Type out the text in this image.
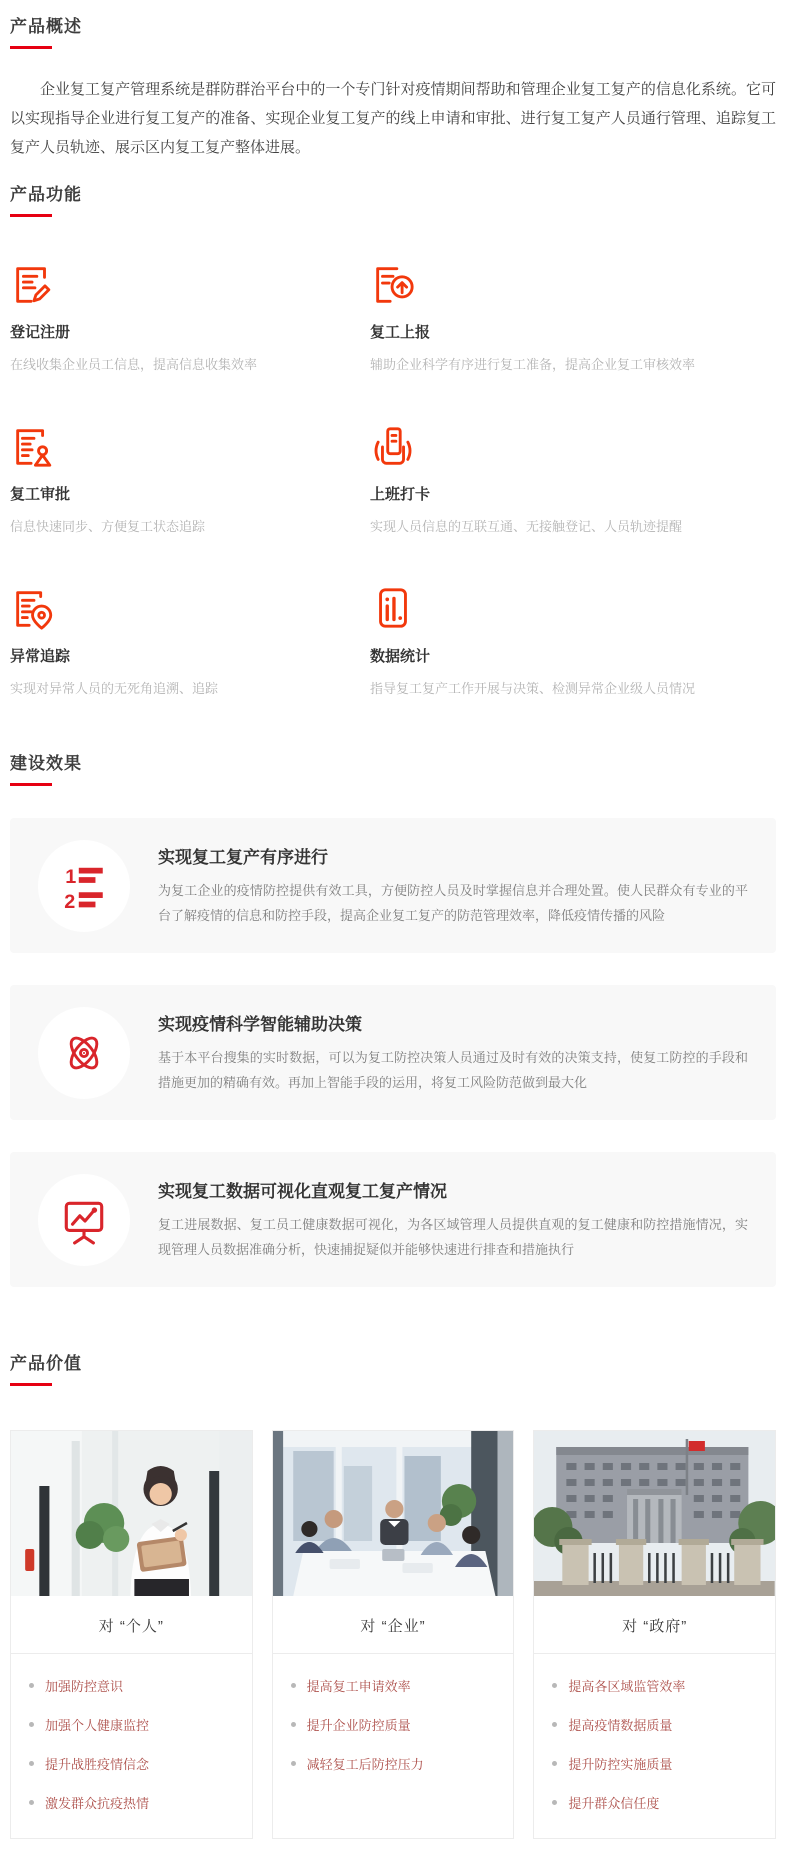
产品概述

企业复工复产管理系统是群防群治平台中的一个专门针对疫情期间帮助和管理企业复工复产的信息化系统。它可以实现指导企业进行复工复产的准备、实现企业复工复产的线上申请和审批、进行复工复产人员通行管理、追踪复工复产人员轨迹、展示区内复工复产整体进展。

产品功能
登记注册
在线收集企业员工信息，提高信息收集效率
复工上报
辅助企业科学有序进行复工准备，提高企业复工审核效率
复工审批
信息快速同步、方便复工状态追踪
上班打卡
实现人员信息的互联互通、无接触登记、人员轨迹提醒
异常追踪
实现对异常人员的无死角追溯、追踪
数据统计
指导复工复产工作开展与决策、检测异常企业级人员情况
建设效果
1
2
实现复工复产有序进行
为复工企业的疫情防控提供有效工具，方便防控人员及时掌握信息并合理处置。使人民群众有专业的平台了解疫情的信息和防控手段，提高企业复工复产的防范管理效率，降低疫情传播的风险
实现疫情科学智能辅助决策
基于本平台搜集的实时数据，可以为复工防控决策人员通过及时有效的决策支持，使复工防控的手段和措施更加的精确有效。再加上智能手段的运用，将复工风险防范做到最大化
实现复工数据可视化直观复工复产情况
复工进展数据、复工员工健康数据可视化，为各区域管理人员提供直观的复工健康和防控措施情况，实现管理人员数据准确分析，快速捕捉疑似并能够快速进行排查和措施执行
产品价值
对 “个人”
加强防控意识
加强个人健康监控
提升战胜疫情信念
激发群众抗疫热情
对 “企业”
提高复工申请效率
提升企业防控质量
减轻复工后防控压力
对 “政府”
提高各区域监管效率
提高疫情数据质量
提升防控实施质量
提升群众信任度
